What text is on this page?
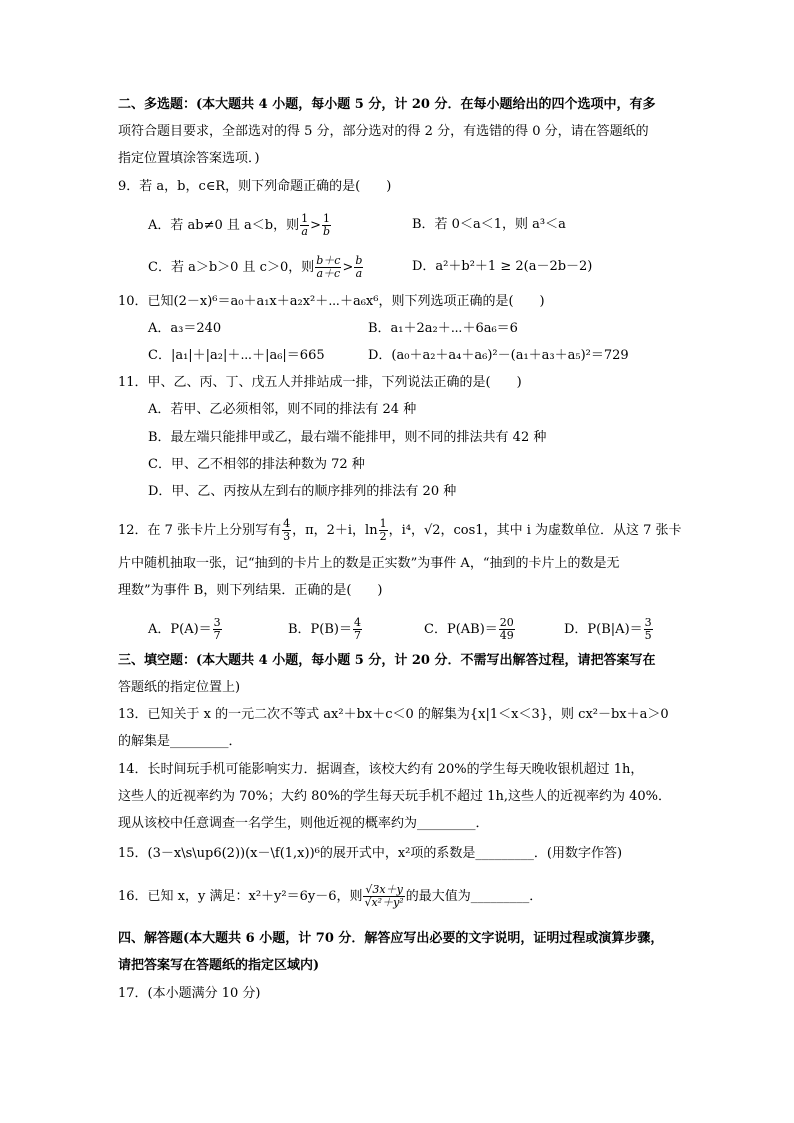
二、多选题：(本大题共 4 小题，每小题 5 分，计 20 分．在每小题给出的四个选项中，有多
项符合题目要求，全部选对的得 5 分，部分选对的得 2 分，有选错的得 0 分，请在答题纸的
指定位置填涂答案选项．)
9．若 a，b，c∈R，则下列命题正确的是(　　)
A．若 ab≠0 且 a＜b，则 $\frac{1}{a} > \frac{1}{b}$	B．若 0＜a＜1，则 a³＜a
C．若 a＞b＞0 且 c＞0，则 $\frac{b+c}{a+c} > \frac{b}{a}$	D．a²＋b²＋1 ≥ 2(a－2b－2)
10．已知(2－x)⁶＝a₀＋a₁x＋a₂x²＋⋯＋a₆x⁶，则下列选项正确的是(　　)
A．a₃＝240	B．a₁＋2a₂＋⋯＋6a₆＝6
C．|a₁|＋|a₂|＋⋯＋|a₆|＝665	D．(a₀＋a₂＋a₄＋a₆)²－(a₁＋a₃＋a₅)²＝729
11．甲、乙、丙、丁、戊五人并排站成一排，下列说法正确的是(　　)
A．若甲、乙必须相邻，则不同的排法有 24 种
B．最左端只能排甲或乙，最右端不能排甲，则不同的排法共有 42 种
C．甲、乙不相邻的排法种数为 72 种
D．甲、乙、丙按从左到右的顺序排列的排法有 20 种
12．在 7 张卡片上分别写有 $\frac{4}{3}$ ，π，2＋i，$\ln \frac{1}{2}$ ，i⁴，√2，cos1，其中 i 为虚数单位．从这 7 张卡
片中随机抽取一张，记“抽到的卡片上的数是正实数”为事件 A，“抽到的卡片上的数是无
理数”为事件 B，则下列结果．正确的是(　　)
A．$P(A)= \frac{3}{7}$	B．$P(B)= \frac{4}{7}$	C．$P(AB)= \frac{20}{49}$	D．$P(B|A)= \frac{3}{5}$
三、填空题：(本大题共 4 小题，每小题 5 分，计 20 分．不需写出解答过程，请把答案写在
答题纸的指定位置上)
13．已知关于 x 的一元二次不等式 ax²＋bx＋c＜0 的解集为{x|1＜x＜3}，则 cx²－bx＋a＞0
的解集是_________．
14．长时间玩手机可能影响实力．据调查，该校大约有 20%的学生每天晚收银机超过 1h，
这些人的近视率约为 70%；大约 80%的学生每天玩手机不超过 1h,这些人的近视率约为 40%．
现从该校中任意调查一名学生，则他近视的概率约为_________．
15．(3－x\s\up6(2))(x－\f(1,x))⁶的展开式中，x²项的系数是_________．(用数字作答)
16．已知 x，y 满足：x²＋y²＝6y－6，则 $\frac{√3x+y}{\text{√x²＋y²}}$ 的最大值为_________．
四、解答题(本大题共 6 小题，计 70 分．解答应写出必要的文字说明，证明过程或演算步骤，
请把答案写在答题纸的指定区域内)
17．(本小题满分 10 分)
